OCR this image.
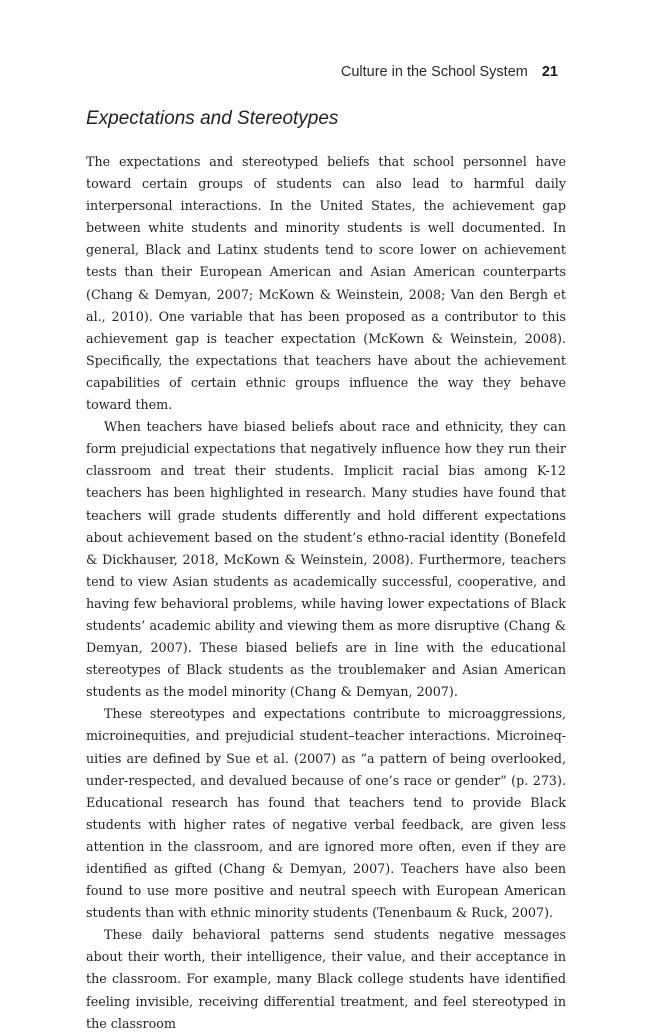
Culture in the School System 21
Expectations and Stereotypes

The expectations and stereotyped beliefs that school personnel have toward certain groups of students can also lead to harmful daily interpersonal interactions. In the United States, the achievement gap between white students and minority students is well documented. In general, Black and Latinx students tend to score lower on achievement tests than their European American and Asian American counterparts (Chang & Demyan, 2007; McKown & Weinstein, 2008; Van den Bergh et al., 2010). One variable that has been proposed as a contributor to this achievement gap is teacher expectation (McKown & Weinstein, 2008). Specifically, the expectations that teachers have about the achievement capabilities of certain ethnic groups influence the way they behave toward them.

When teachers have biased beliefs about race and ethnicity, they can form prejudicial expectations that negatively influence how they run their classroom and treat their students. Implicit racial bias among K-12 teachers has been highlighted in research. Many studies have found that teachers will grade students differently and hold different expectations about achievement based on the student’s ethno-racial identity (Bonefeld & Dickhauser, 2018, McKown & Weinstein, 2008). Furthermore, teachers tend to view Asian students as academically successful, cooperative, and having few behavioral problems, while having lower expectations of Black students’ academic ability and viewing them as more disruptive (Chang & Demyan, 2007). These biased beliefs are in line with the educational stereotypes of Black students as the troublemaker and Asian American students as the model minority (Chang & Demyan, 2007).

These stereotypes and expectations contribute to microaggressions, microinequities, and prejudicial student–teacher interactions. Microinequities are defined by Sue et al. (2007) as “a pattern of being overlooked, under-respected, and devalued because of one’s race or gender” (p. 273). Educational research has found that teachers tend to provide Black students with higher rates of negative verbal feedback, are given less attention in the classroom, and are ignored more often, even if they are identified as gifted (Chang & Demyan, 2007). Teachers have also been found to use more positive and neutral speech with European American students than with ethnic minority students (Tenenbaum & Ruck, 2007).

These daily behavioral patterns send students negative messages about their worth, their intelligence, their value, and their acceptance in the classroom. For example, many Black college students have identified feeling invisible, receiving differential treatment, and feel stereotyped in the classroom
